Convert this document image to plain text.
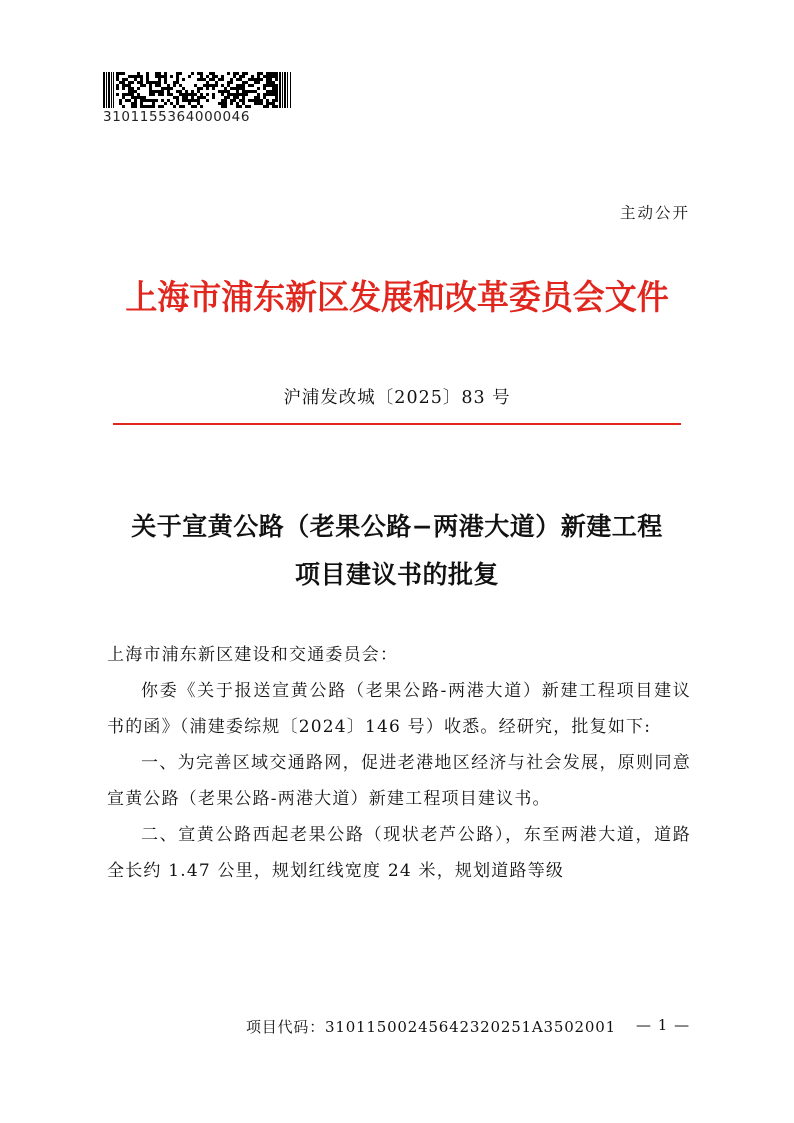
3101155364000046
主动公开
上海市浦东新区发展和改革委员会文件
沪浦发改城〔2025〕83 号
关于宣黄公路（老果公路−两港大道）新建工程
项目建议书的批复

上海市浦东新区建设和交通委员会：

你委《关于报送宣黄公路（老果公路-两港大道）新建工程项目建议书的函》（浦建委综规〔2024〕146 号）收悉。经研究，批复如下:

一、为完善区域交通路网，促进老港地区经济与社会发展，原则同意宣黄公路（老果公路-两港大道）新建工程项目建议书。

二、宣黄公路西起老果公路（现状老芦公路），东至两港大道，道路全长约 1.47 公里，规划红线宽度 24 米，规划道路等级

项目代码：31011500245642320251A3502001 — 1 —
